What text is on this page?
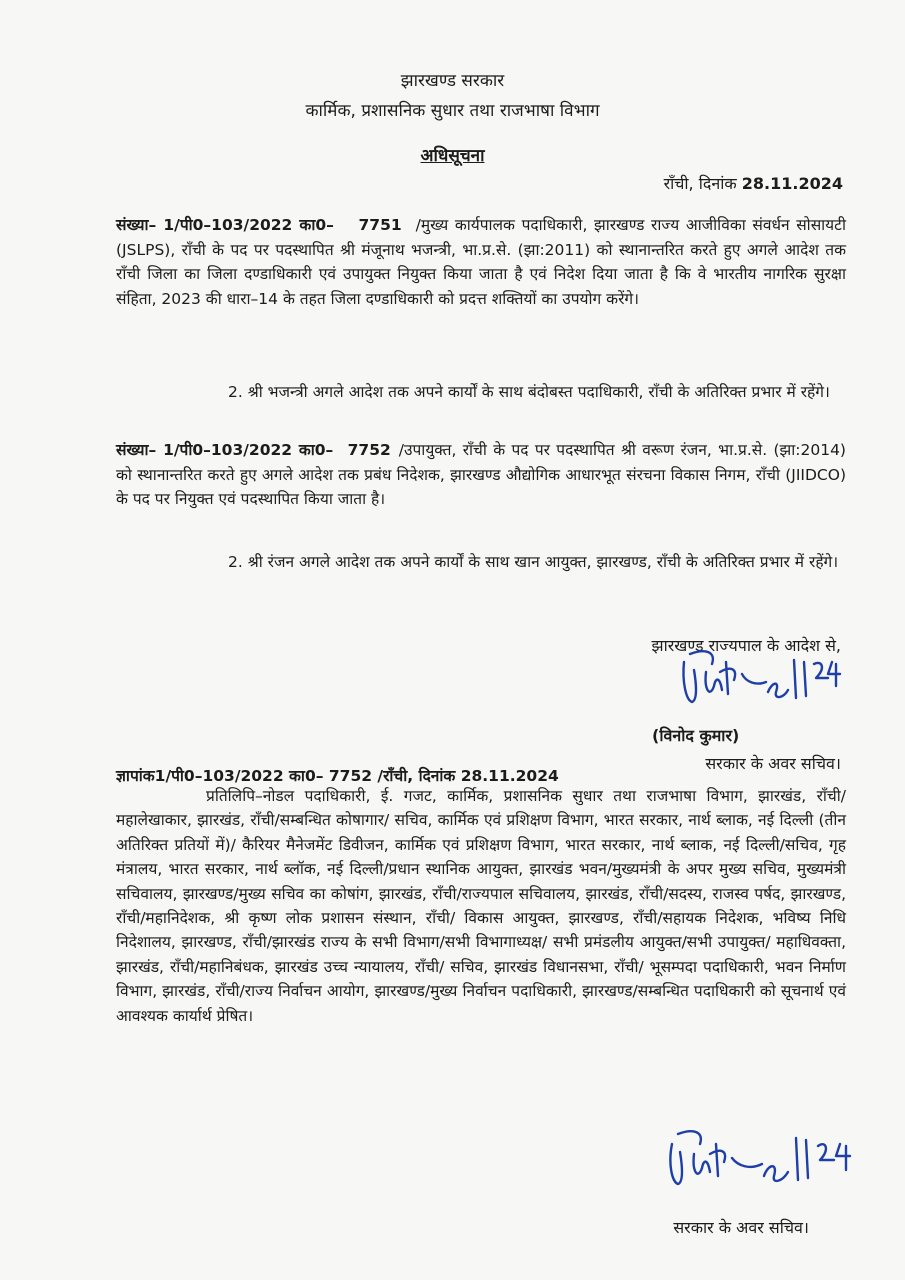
झारखण्ड सरकार

कार्मिक, प्रशासनिक सुधार तथा राजभाषा विभाग

अधिसूचना

राँची, दिनांक 28.11.2024

संख्या– 1/पी0–103/2022 का0– 7751 /मुख्य कार्यपालक पदाधिकारी, झारखण्ड राज्य आजीविका संवर्धन सोसायटी (JSLPS), राँची के पद पर पदस्थापित श्री मंजूनाथ भजन्त्री, भा.प्र.से. (झा:2011) को स्थानान्तरित करते हुए अगले आदेश तक राँची जिला का जिला दण्डाधिकारी एवं उपायुक्त नियुक्त किया जाता है एवं निदेश दिया जाता है कि वे भारतीय नागरिक सुरक्षा संहिता, 2023 की धारा–14 के तहत जिला दण्डाधिकारी को प्रदत्त शक्तियों का उपयोग करेंगे।

2. श्री भजन्त्री अगले आदेश तक अपने कार्यों के साथ बंदोबस्त पदाधिकारी, राँची के अतिरिक्त प्रभार में रहेंगे।

संख्या– 1/पी0–103/2022 का0– 7752 /उपायुक्त, राँची के पद पर पदस्थापित श्री वरूण रंजन, भा.प्र.से. (झा:2014) को स्थानान्तरित करते हुए अगले आदेश तक प्रबंध निदेशक, झारखण्ड औद्योगिक आधारभूत संरचना विकास निगम, राँची (JIIDCO) के पद पर नियुक्त एवं पदस्थापित किया जाता है।

2. श्री रंजन अगले आदेश तक अपने कार्यों के साथ खान आयुक्त, झारखण्ड, राँची के अतिरिक्त प्रभार में रहेंगे।

झारखण्ड राज्यपाल के आदेश से,

(विनोद कुमार)

सरकार के अवर सचिव।

ज्ञापांक1/पी0–103/2022 का0– 7752 /राँची, दिनांक 28.11.2024

प्रतिलिपि–नोडल पदाधिकारी, ई. गजट, कार्मिक, प्रशासनिक सुधार तथा राजभाषा विभाग, झारखंड, राँची/महालेखाकार, झारखंड, राँची/सम्बन्धित कोषागार/ सचिव, कार्मिक एवं प्रशिक्षण विभाग, भारत सरकार, नार्थ ब्लाक, नई दिल्ली (तीन अतिरिक्त प्रतियों में)/ कैरियर मैनेजमेंट डिवीजन, कार्मिक एवं प्रशिक्षण विभाग, भारत सरकार, नार्थ ब्लाक, नई दिल्ली/सचिव, गृह मंत्रालय, भारत सरकार, नार्थ ब्लॉक, नई दिल्ली/प्रधान स्थानिक आयुक्त, झारखंड भवन/मुख्यमंत्री के अपर मुख्य सचिव, मुख्यमंत्री सचिवालय, झारखण्ड/मुख्य सचिव का कोषांग, झारखंड, राँची/राज्यपाल सचिवालय, झारखंड, राँची/सदस्य, राजस्व पर्षद, झारखण्ड, राँची/महानिदेशक, श्री कृष्ण लोक प्रशासन संस्थान, राँची/ विकास आयुक्त, झारखण्ड, राँची/सहायक निदेशक, भविष्य निधि निदेशालय, झारखण्ड, राँची/झारखंड राज्य के सभी विभाग/सभी विभागाध्यक्ष/ सभी प्रमंडलीय आयुक्त/सभी उपायुक्त/ महाधिवक्ता, झारखंड, राँची/महानिबंधक, झारखंड उच्च न्यायालय, राँची/ सचिव, झारखंड विधानसभा, राँची/ भूसम्पदा पदाधिकारी, भवन निर्माण विभाग, झारखंड, राँची/राज्य निर्वाचन आयोग, झारखण्ड/मुख्य निर्वाचन पदाधिकारी, झारखण्ड/सम्बन्धित पदाधिकारी को सूचनार्थ एवं आवश्यक कार्यार्थ प्रेषित।

सरकार के अवर सचिव।
